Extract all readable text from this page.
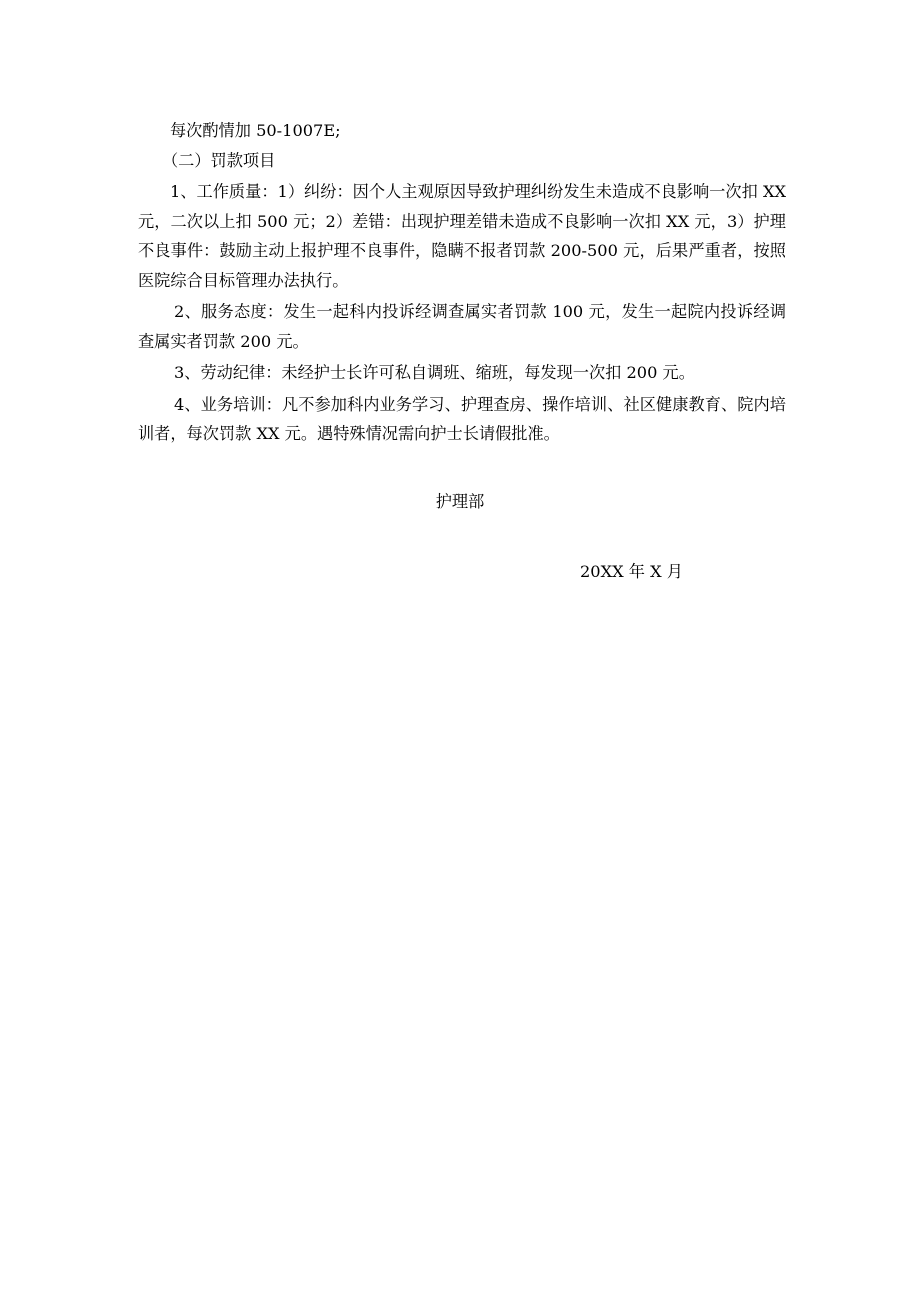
每次酌情加 50-1007E;

（二）罚款项目

1、工作质量：1）纠纷：因个人主观原因导致护理纠纷发生未造成不良影响一次扣 XX 元，二次以上扣 500 元；2）差错：出现护理差错未造成不良影响一次扣 XX 元，3）护理不良事件：鼓励主动上报护理不良事件，隐瞒不报者罚款 200-500 元，后果严重者，按照医院综合目标管理办法执行。

2、服务态度：发生一起科内投诉经调查属实者罚款 100 元，发生一起院内投诉经调查属实者罚款 200 元。

3、劳动纪律：未经护士长许可私自调班、缩班，每发现一次扣 200 元。

4、业务培训：凡不参加科内业务学习、护理查房、操作培训、社区健康教育、院内培训者，每次罚款 XX 元。遇特殊情况需向护士长请假批准。

护理部
20XX 年 X 月
